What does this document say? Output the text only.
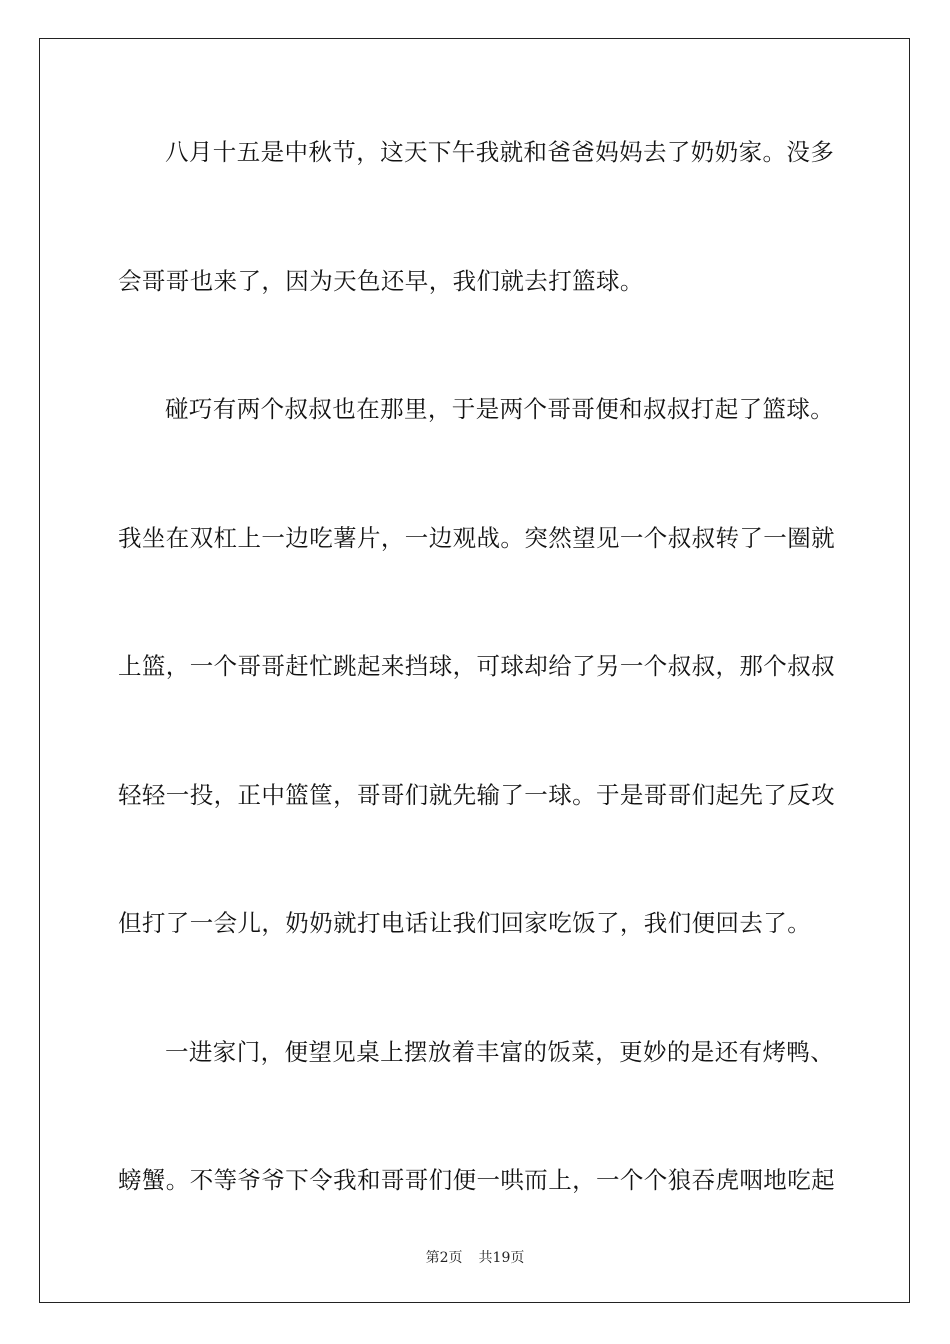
八月十五是中秋节，这天下午我就和爸爸妈妈去了奶奶家。没多
会哥哥也来了，因为天色还早，我们就去打篮球。
碰巧有两个叔叔也在那里，于是两个哥哥便和叔叔打起了篮球。
我坐在双杠上一边吃薯片，一边观战。突然望见一个叔叔转了一圈就
上篮，一个哥哥赶忙跳起来挡球，可球却给了另一个叔叔，那个叔叔
轻轻一投，正中篮筐，哥哥们就先输了一球。于是哥哥们起先了反攻
但打了一会儿，奶奶就打电话让我们回家吃饭了，我们便回去了。
一进家门，便望见桌上摆放着丰富的饭菜，更妙的是还有烤鸭、
螃蟹。不等爷爷下令我和哥哥们便一哄而上，一个个狼吞虎咽地吃起
第2页 共19页
